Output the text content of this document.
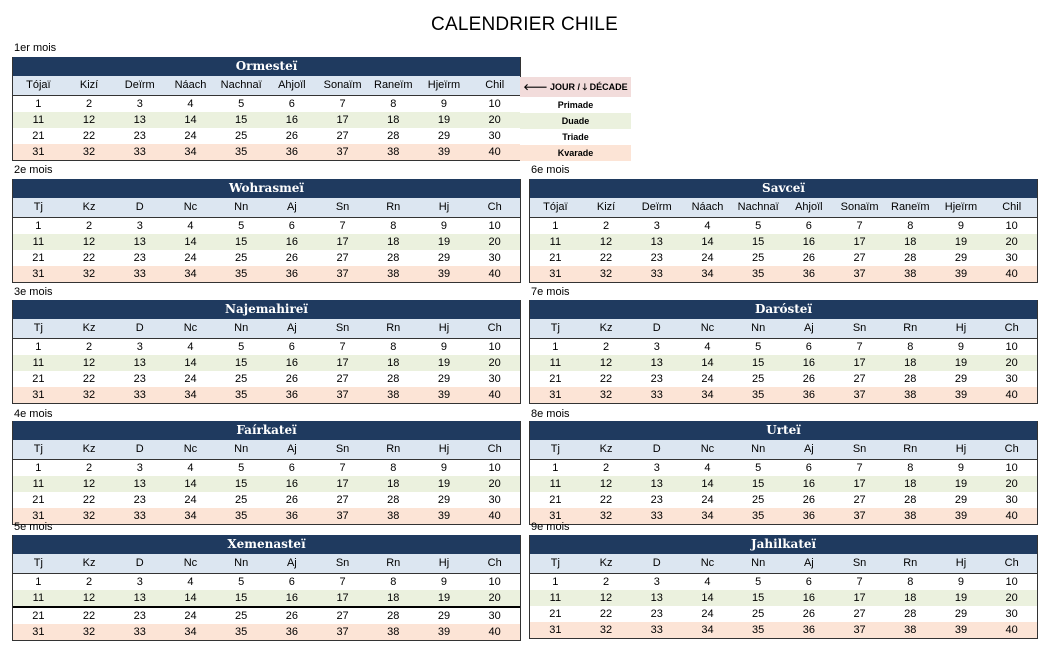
CALENDRIER CHILE
1er mois
Ormesteï
Tójaï	Kizí	Deïrm	Náach	Nachnaï	Ahjoïl	Sonaïm	Raneïm	Hjeïrm	Chil
1	2	3	4	5	6	7	8	9	10
11	12	13	14	15	16	17	18	19	20
21	22	23	24	25	26	27	28	29	30
31	32	33	34	35	36	37	38	39	40
2e mois
Wohrasmeï
Tj	Kz	D	Nc	Nn	Aj	Sn	Rn	Hj	Ch
1	2	3	4	5	6	7	8	9	10
11	12	13	14	15	16	17	18	19	20
21	22	23	24	25	26	27	28	29	30
31	32	33	34	35	36	37	38	39	40
3e mois
Najemahireï
Tj	Kz	D	Nc	Nn	Aj	Sn	Rn	Hj	Ch
1	2	3	4	5	6	7	8	9	10
11	12	13	14	15	16	17	18	19	20
21	22	23	24	25	26	27	28	29	30
31	32	33	34	35	36	37	38	39	40
4e mois
Faírkateï
Tj	Kz	D	Nc	Nn	Aj	Sn	Rn	Hj	Ch
1	2	3	4	5	6	7	8	9	10
11	12	13	14	15	16	17	18	19	20
21	22	23	24	25	26	27	28	29	30
31	32	33	34	35	36	37	38	39	40
5e mois
Xemenasteï
Tj	Kz	D	Nc	Nn	Aj	Sn	Rn	Hj	Ch
1	2	3	4	5	6	7	8	9	10
11	12	13	14	15	16	17	18	19	20
21	22	23	24	25	26	27	28	29	30
31	32	33	34	35	36	37	38	39	40
6e mois
Savceï
Tójaï	Kizí	Deïrm	Náach	Nachnaï	Ahjoïl	Sonaïm	Raneïm	Hjeïrm	Chil
1	2	3	4	5	6	7	8	9	10
11	12	13	14	15	16	17	18	19	20
21	22	23	24	25	26	27	28	29	30
31	32	33	34	35	36	37	38	39	40
7e mois
Darósteï
Tj	Kz	D	Nc	Nn	Aj	Sn	Rn	Hj	Ch
1	2	3	4	5	6	7	8	9	10
11	12	13	14	15	16	17	18	19	20
21	22	23	24	25	26	27	28	29	30
31	32	33	34	35	36	37	38	39	40
8e mois
Urteï
Tj	Kz	D	Nc	Nn	Aj	Sn	Rn	Hj	Ch
1	2	3	4	5	6	7	8	9	10
11	12	13	14	15	16	17	18	19	20
21	22	23	24	25	26	27	28	29	30
31	32	33	34	35	36	37	38	39	40
9e mois
Jahilkateï
Tj	Kz	D	Nc	Nn	Aj	Sn	Rn	Hj	Ch
1	2	3	4	5	6	7	8	9	10
11	12	13	14	15	16	17	18	19	20
21	22	23	24	25	26	27	28	29	30
31	32	33	34	35	36	37	38	39	40
🡐 JOUR / 🡓 DÉCADE
Primade
Duade
Triade
Kvarade
